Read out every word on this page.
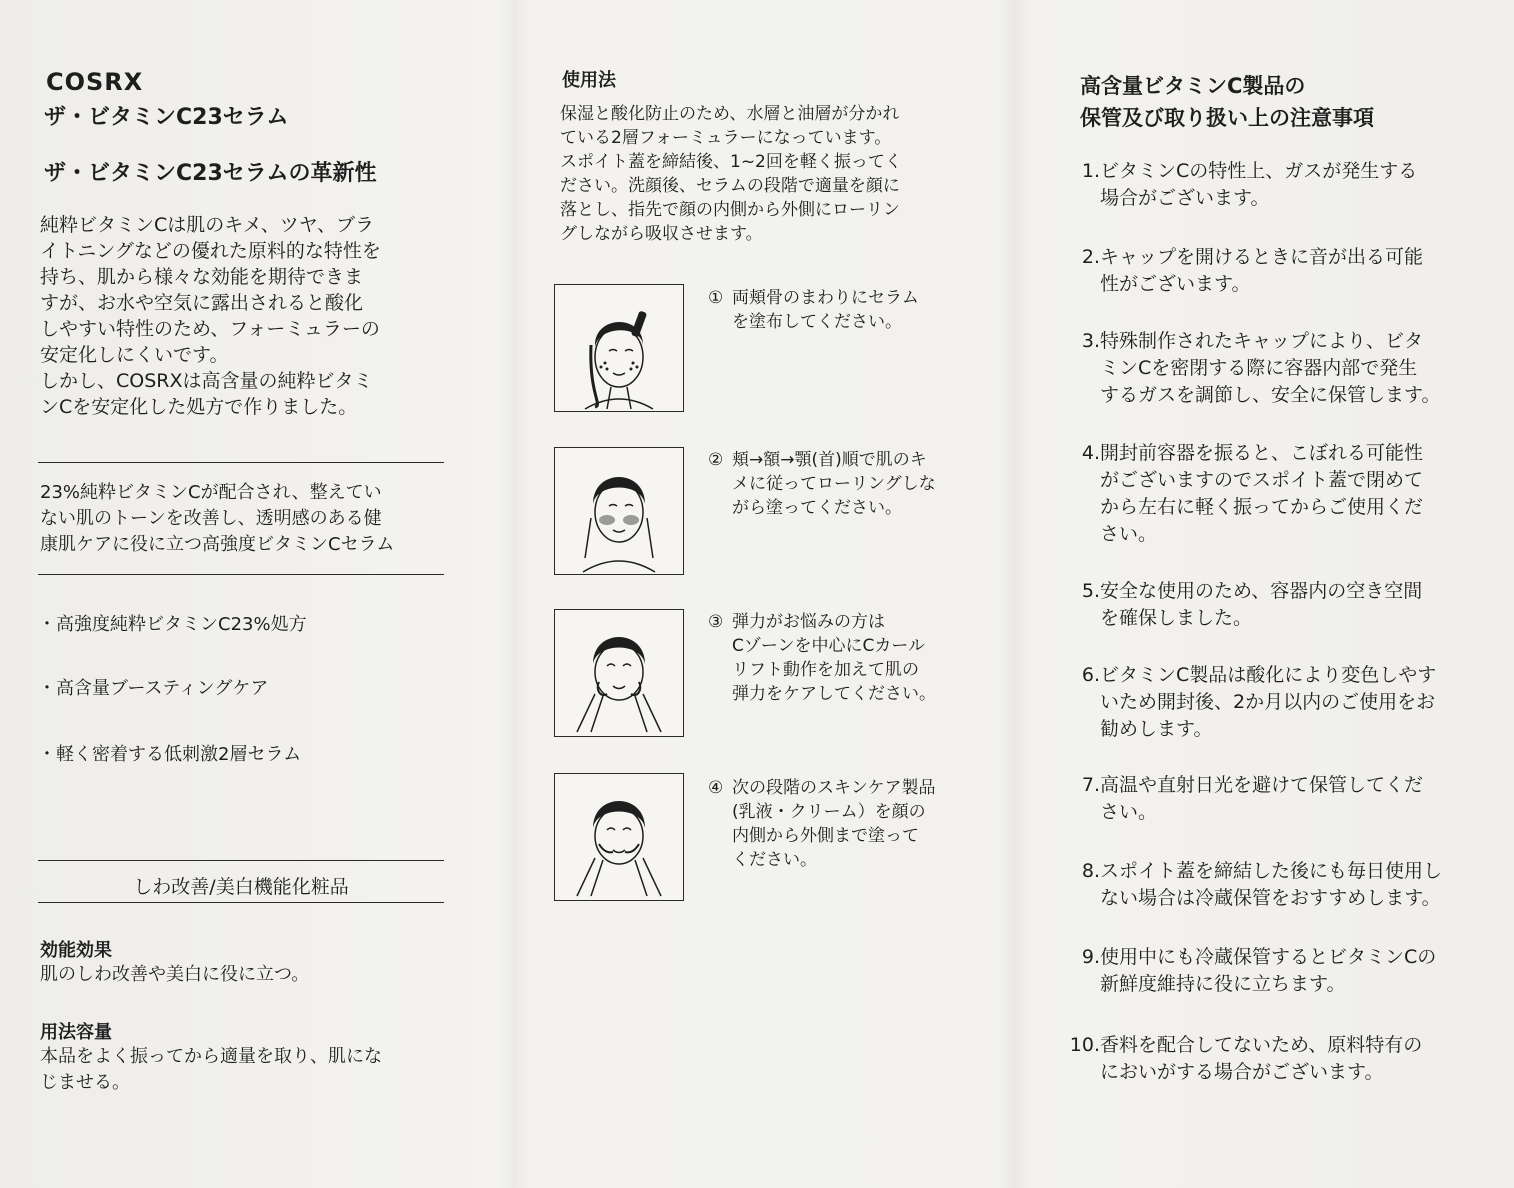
COSRX
ザ・ビタミンC23セラム
ザ・ビタミンC23セラムの革新性

純粋ビタミンCは肌のキメ、ツヤ、ブラ

イトニングなどの優れた原料的な特性を

持ち、肌から様々な効能を期待できま

すが、お水や空気に露出されると酸化

しやすい特性のため、フォーミュラーの

安定化しにくいです。

しかし、COSRXは高含量の純粋ビタミ

ンCを安定化した処方で作りました。

23%純粋ビタミンCが配合され、整えてい
ない肌のトーンを改善し、透明感のある健
康肌ケアに役に立つ高強度ビタミンCセラム
・高強度純粋ビタミンC23%処方
・高含量ブースティングケア
・軽く密着する低刺激2層セラム
しわ改善/美白機能化粧品
効能効果
肌のしわ改善や美白に役に立つ。
用法容量
本品をよく振ってから適量を取り、肌にな
じませる。
使用法
保湿と酸化防止のため、水層と油層が分かれ
ている2層フォーミュラーになっています。
スポイト蓋を締結後、1~2回を軽く振ってく
ださい。洗顔後、セラムの段階で適量を顔に
落とし、指先で顔の内側から外側にローリン
グしながら吸収させます。
① 両頬骨のまわりにセラム
を塗布してください。
② 頬→額→顎(首)順で肌のキ
メに従ってローリングしな
がら塗ってください。
③ 弾力がお悩みの方は
Cゾーンを中心にCカール
リフト動作を加えて肌の
弾力をケアしてください。
④ 次の段階のスキンケア製品
(乳液・クリーム）を顔の
内側から外側まで塗って
ください。
高含量ビタミンC製品の
保管及び取り扱い上の注意事項
1. ビタミンCの特性上、ガスが発生する
場合がございます。
2. キャップを開けるときに音が出る可能
性がございます。
3. 特殊制作されたキャップにより、ビタ
ミンCを密閉する際に容器内部で発生
するガスを調節し、安全に保管します。
4. 開封前容器を振ると、こぼれる可能性
がございますのでスポイト蓋で閉めて
から左右に軽く振ってからご使用くだ
さい。
5. 安全な使用のため、容器内の空き空間
を確保しました。
6. ビタミンC製品は酸化により変色しやす
いため開封後、2か月以内のご使用をお
勧めします。
7. 高温や直射日光を避けて保管してくだ
さい。
8. スポイト蓋を締結した後にも毎日使用し
ない場合は冷蔵保管をおすすめします。
9. 使用中にも冷蔵保管するとビタミンCの
新鮮度維持に役に立ちます。
10. 香料を配合してないため、原料特有の
においがする場合がございます。
